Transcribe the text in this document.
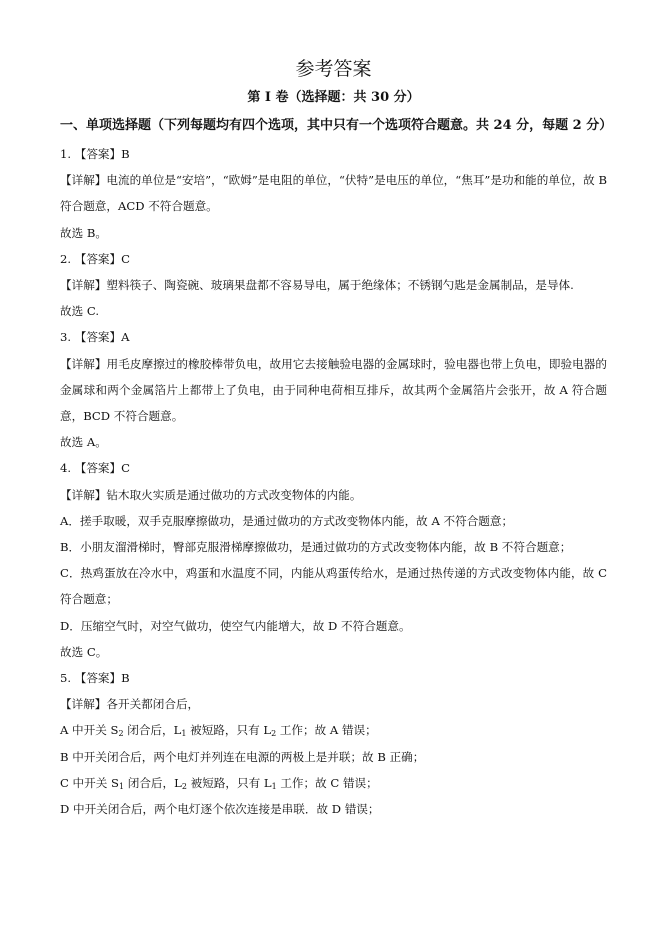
参考答案
第 I 卷（选择题：共 30 分）
一、单项选择题（下列每题均有四个选项，其中只有一个选项符合题意。共 24 分，每题 2 分）

1. 【答案】B

【详解】电流的单位是“安培”，“欧姆”是电阻的单位，“伏特”是电压的单位，“焦耳”是功和能的单位，故 B 符合题意，ACD 不符合题意。

故选 B。

2. 【答案】C

【详解】塑料筷子、陶瓷碗、玻璃果盘都不容易导电，属于绝缘体；不锈钢勺匙是金属制品，是导体.

故选 C.

3. 【答案】A

【详解】用毛皮摩擦过的橡胶棒带负电，故用它去接触验电器的金属球时，验电器也带上负电，即验电器的金属球和两个金属箔片上都带上了负电，由于同种电荷相互排斥，故其两个金属箔片会张开，故 A 符合题意，BCD 不符合题意。

故选 A。

4. 【答案】C

【详解】钻木取火实质是通过做功的方式改变物体的内能。

A．搓手取暖，双手克服摩擦做功，是通过做功的方式改变物体内能，故 A 不符合题意；

B．小朋友溜滑梯时，臀部克服滑梯摩擦做功，是通过做功的方式改变物体内能，故 B 不符合题意；

C．热鸡蛋放在冷水中，鸡蛋和水温度不同，内能从鸡蛋传给水，是通过热传递的方式改变物体内能，故 C 符合题意；

D．压缩空气时，对空气做功，使空气内能增大，故 D 不符合题意。

故选 C。

5. 【答案】B

【详解】各开关都闭合后，

A 中开关 $S_2$ 闭合后，$L_1$ 被短路，只有 $L_2$ 工作；故 A 错误；

B 中开关闭合后，两个电灯并列连在电源的两极上是并联；故 B 正确；

C 中开关 $S_1$ 闭合后，$L_2$ 被短路，只有 $L_1$ 工作；故 C 错误；

D 中开关闭合后，两个电灯逐个依次连接是串联．故 D 错误；
